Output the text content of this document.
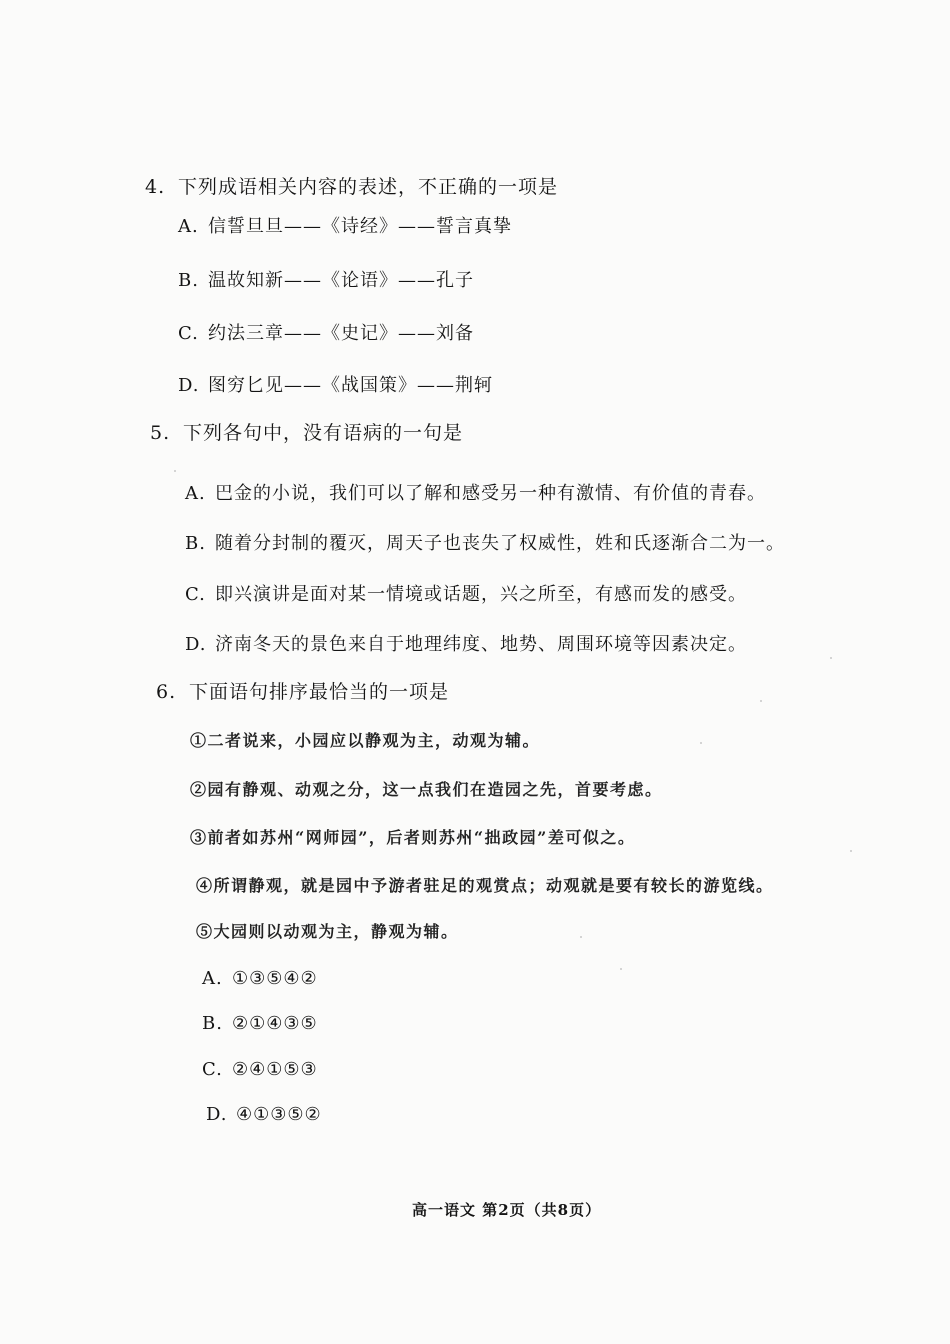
4. 下列成语相关内容的表述，不正确的一项是
A. 信誓旦旦——《诗经》——誓言真挚
B. 温故知新——《论语》——孔子
C. 约法三章——《史记》——刘备
D. 图穷匕见——《战国策》——荆轲
5. 下列各句中，没有语病的一句是
A. 巴金的小说，我们可以了解和感受另一种有激情、有价值的青春。
B. 随着分封制的覆灭，周天子也丧失了权威性，姓和氏逐渐合二为一。
C. 即兴演讲是面对某一情境或话题，兴之所至，有感而发的感受。
D. 济南冬天的景色来自于地理纬度、地势、周围环境等因素决定。
6. 下面语句排序最恰当的一项是
①二者说来，小园应以静观为主，动观为辅。
②园有静观、动观之分，这一点我们在造园之先，首要考虑。
③前者如苏州“网师园”，后者则苏州“拙政园”差可似之。
④所谓静观，就是园中予游者驻足的观赏点；动观就是要有较长的游览线。
⑤大园则以动观为主，静观为辅。
A. ①③⑤④②
B. ②①④③⑤
C. ②④①⑤③
D. ④①③⑤②
高一语文 第2页（共8页）
